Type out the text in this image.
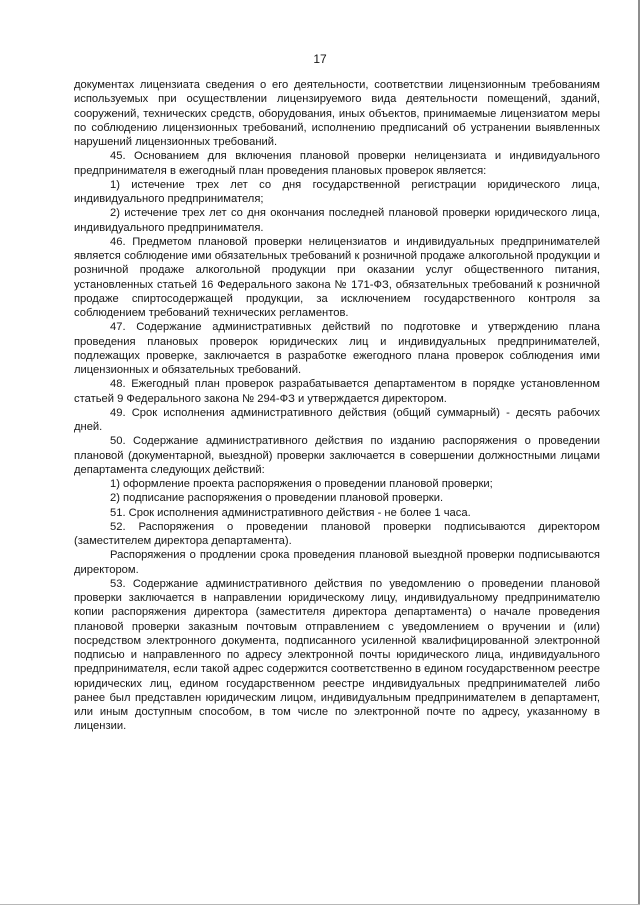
17

документах лицензиата сведения о его деятельности, соответствии лицензионным требованиям используемых при осуществлении лицензируемого вида деятельности помещений, зданий, сооружений, технических средств, оборудования, иных объектов, принимаемые лицензиатом меры по соблюдению лицензионных требований, исполнению предписаний об устранении выявленных нарушений лицензионных требований.

45. Основанием для включения плановой проверки нелицензиата и индивидуального предпринимателя в ежегодный план проведения плановых проверок является:

1) истечение трех лет со дня государственной регистрации юридического лица, индивидуального предпринимателя;

2) истечение трех лет со дня окончания последней плановой проверки юридического лица, индивидуального предпринимателя.

46. Предметом плановой проверки нелицензиатов и индивидуальных предпринимателей является соблюдение ими обязательных требований к розничной продаже алкогольной продукции и розничной продаже алкогольной продукции при оказании услуг общественного питания, установленных статьей 16 Федерального закона № 171-ФЗ, обязательных требований к розничной продаже спиртосодержащей продукции, за исключением государственного контроля за соблюдением требований технических регламентов.

47. Содержание административных действий по подготовке и утверждению плана проведения плановых проверок юридических лиц и индивидуальных предпринимателей, подлежащих проверке, заключается в разработке ежегодного плана проверок соблюдения ими лицензионных и обязательных требований.

48. Ежегодный план проверок разрабатывается департаментом в порядке установленном статьей 9 Федерального закона № 294-ФЗ и утверждается директором.

49. Срок исполнения административного действия (общий суммарный) - десять рабочих дней.

50. Содержание административного действия по изданию распоряжения о проведении плановой (документарной, выездной) проверки заключается в совершении должностными лицами департамента следующих действий:

1) оформление проекта распоряжения о проведении плановой проверки;

2) подписание распоряжения о проведении плановой проверки.

51. Срок исполнения административного действия - не более 1 часа.

52. Распоряжения о проведении плановой проверки подписываются директором (заместителем директора департамента).

Распоряжения о продлении срока проведения плановой выездной проверки подписываются директором.

53. Содержание административного действия по уведомлению о проведении плановой проверки заключается в направлении юридическому лицу, индивидуальному предпринимателю копии распоряжения директора (заместителя директора департамента) о начале проведения плановой проверки заказным почтовым отправлением с уведомлением о вручении и (или) посредством электронного документа, подписанного усиленной квалифицированной электронной подписью и направленного по адресу электронной почты юридического лица, индивидуального предпринимателя, если такой адрес содержится соответственно в едином государственном реестре юридических лиц, едином государственном реестре индивидуальных предпринимателей либо ранее был представлен юридическим лицом, индивидуальным предпринимателем в департамент, или иным доступным способом, в том числе по электронной почте по адресу, указанному в лицензии.
